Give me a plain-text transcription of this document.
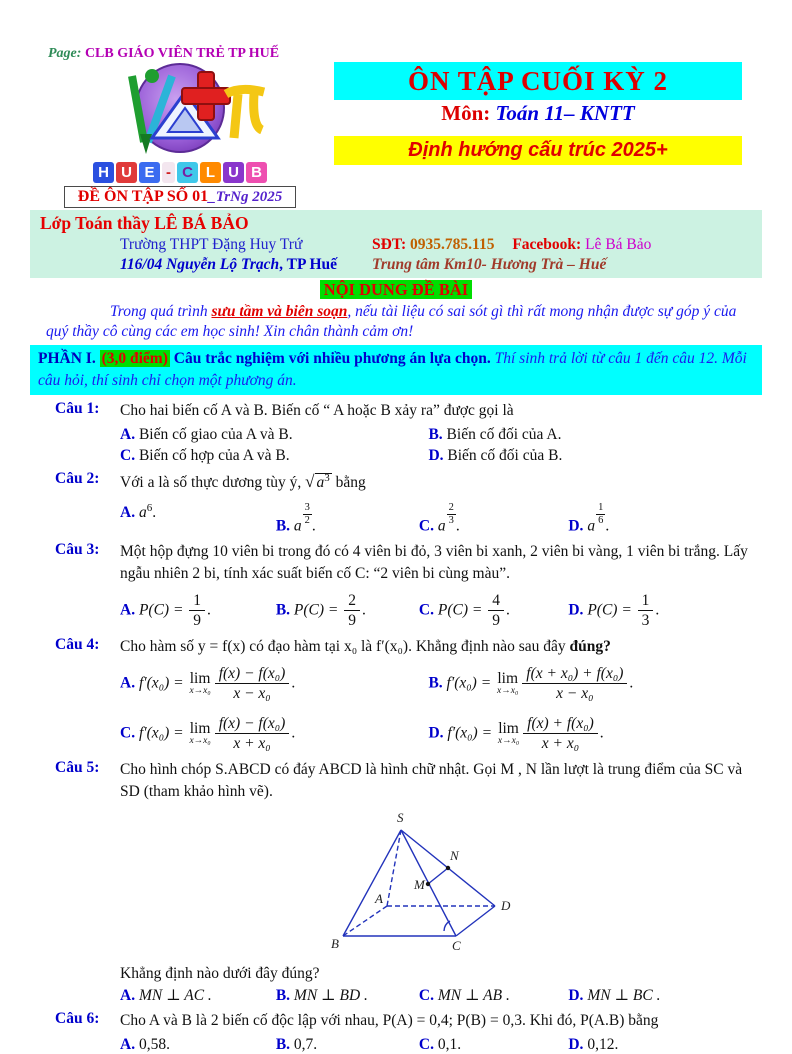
Page: CLB GIÁO VIÊN TRẺ TP HUẾ
H U E - C L U B
ĐỀ ÔN TẬP SỐ 01_TrNg 2025
ÔN TẬP CUỐI KỲ 2
Môn: Toán 11– KNTT
Định hướng cấu trúc 2025+
Lớp Toán thầy LÊ BÁ BẢO
Trường THPT Đặng Huy Trứ	SĐT: 0935.785.115 Facebook: Lê Bá Bảo
116/04 Nguyễn Lộ Trạch, TP Huế	Trung tâm Km10- Hương Trà – Huế
NỘI DUNG ĐỀ BÀI

Trong quá trình sưu tầm và biên soạn, nếu tài liệu có sai sót gì thì rất mong nhận được sự góp ý của quý thầy cô cùng các em học sinh! Xin chân thành cảm ơn!

PHẦN I. (3,0 điểm) Câu trắc nghiệm với nhiều phương án lựa chọn. Thí sinh trả lời từ câu 1 đến câu 12. Mỗi câu hỏi, thí sinh chỉ chọn một phương án.
Câu 1:	Cho hai biến cố A và B. Biến cố “ A hoặc B xảy ra” được gọi là
A. Biến cố giao của A và B.	B. Biến cố đối của A.
C. Biến cố hợp của A và B.	D. Biến cố đối của B.
Câu 2:	Với a là số thực dương tùy ý, √ $a^3$ bằng
A. $a^6$.
B. a $\frac{3}{2}$ .	C. a $\frac{2}{3}$ .	D. a $\frac{1}{6}$ .
Câu 3:	Một hộp đựng 10 viên bi trong đó có 4 viên bi đỏ, 3 viên bi xanh, 2 viên bi vàng, 1 viên bi trắng. Lấy ngẫu nhiên 2 bi, tính xác suất biến cố C: “2 viên bi cùng màu”.
A. $P(C) = \frac{1}{9}$ .	B. $P(C) = \frac{2}{9}$ .	C. $P(C) = \frac{4}{9}$ .	D. $P(C) = \frac{1}{3}$ .
Câu 4:	Cho hàm số y = f(x) có đạo hàm tại x₀ là f′(x₀). Khẳng định nào sau đây đúng?
A. f′(x₀) = lim
$x\to x_0 \frac{\text{f(x) − f(x₀)}}{\text{x − x₀}}$ .	B. f′(x₀) = lim
$x\to x_0 \frac{\text{f(x + x₀) + f(x₀)}}{\text{x − x₀}}$ .
C. f′(x₀) = lim
$x\to x_0 \frac{\text{f(x) − f(x₀)}}{\text{x + x₀}}$ .	D. f′(x₀) = lim
$x\to x_0 \frac{\text{f(x) + f(x₀)}}{\text{x + x₀}}$ .
Câu 5:	Cho hình chóp S.ABCD có đáy ABCD là hình chữ nhật. Gọi M , N lần lượt là trung điểm của SC và SD (tham khảo hình vẽ).
S
A
B	C
D
M
N
Khẳng định nào dưới đây đúng?
A. MN ⊥ AC .	B. MN ⊥ BD .	C. MN ⊥ AB .	D. MN ⊥ BC .
Câu 6:	Cho A và B là 2 biến cố độc lập với nhau, P(A) = 0,4; P(B) = 0,3. Khi đó, P(A.B) bằng
A. 0,58.	B. 0,7.	C. 0,1.	D. 0,12.
